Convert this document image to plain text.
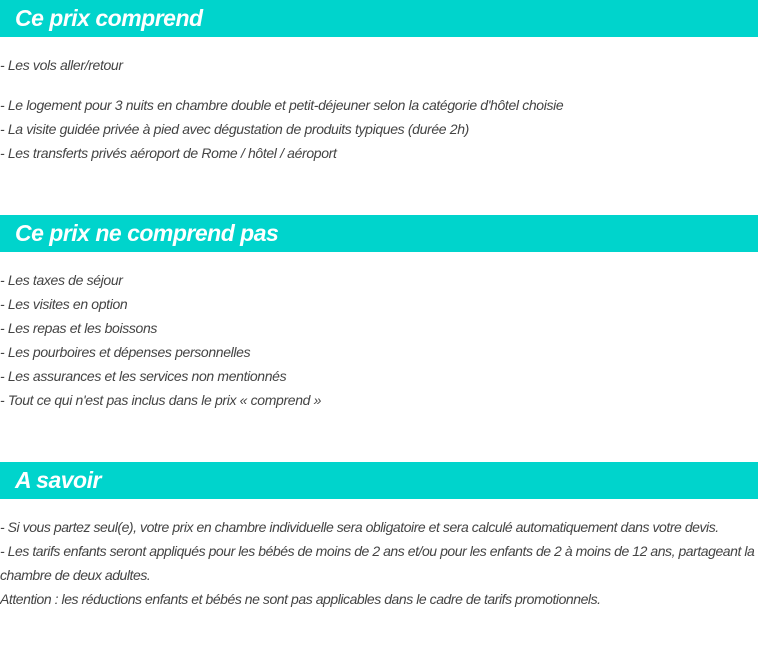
Ce prix comprend
- Les vols aller/retour
- Le logement pour 3 nuits en chambre double et petit-déjeuner selon la catégorie d'hôtel choisie
- La visite guidée privée à pied avec dégustation de produits typiques (durée 2h)
- Les transferts privés aéroport de Rome / hôtel / aéroport
Ce prix ne comprend pas
- Les taxes de séjour
- Les visites en option
- Les repas et les boissons
- Les pourboires et dépenses personnelles
- Les assurances et les services non mentionnés
- Tout ce qui n'est pas inclus dans le prix « comprend »
A savoir
- Si vous partez seul(e), votre prix en chambre individuelle sera obligatoire et sera calculé automatiquement dans votre devis.
- Les tarifs enfants seront appliqués pour les bébés de moins de 2 ans et/ou pour les enfants de 2 à moins de 12 ans, partageant la chambre de deux adultes.
Attention : les réductions enfants et bébés ne sont pas applicables dans le cadre de tarifs promotionnels.
